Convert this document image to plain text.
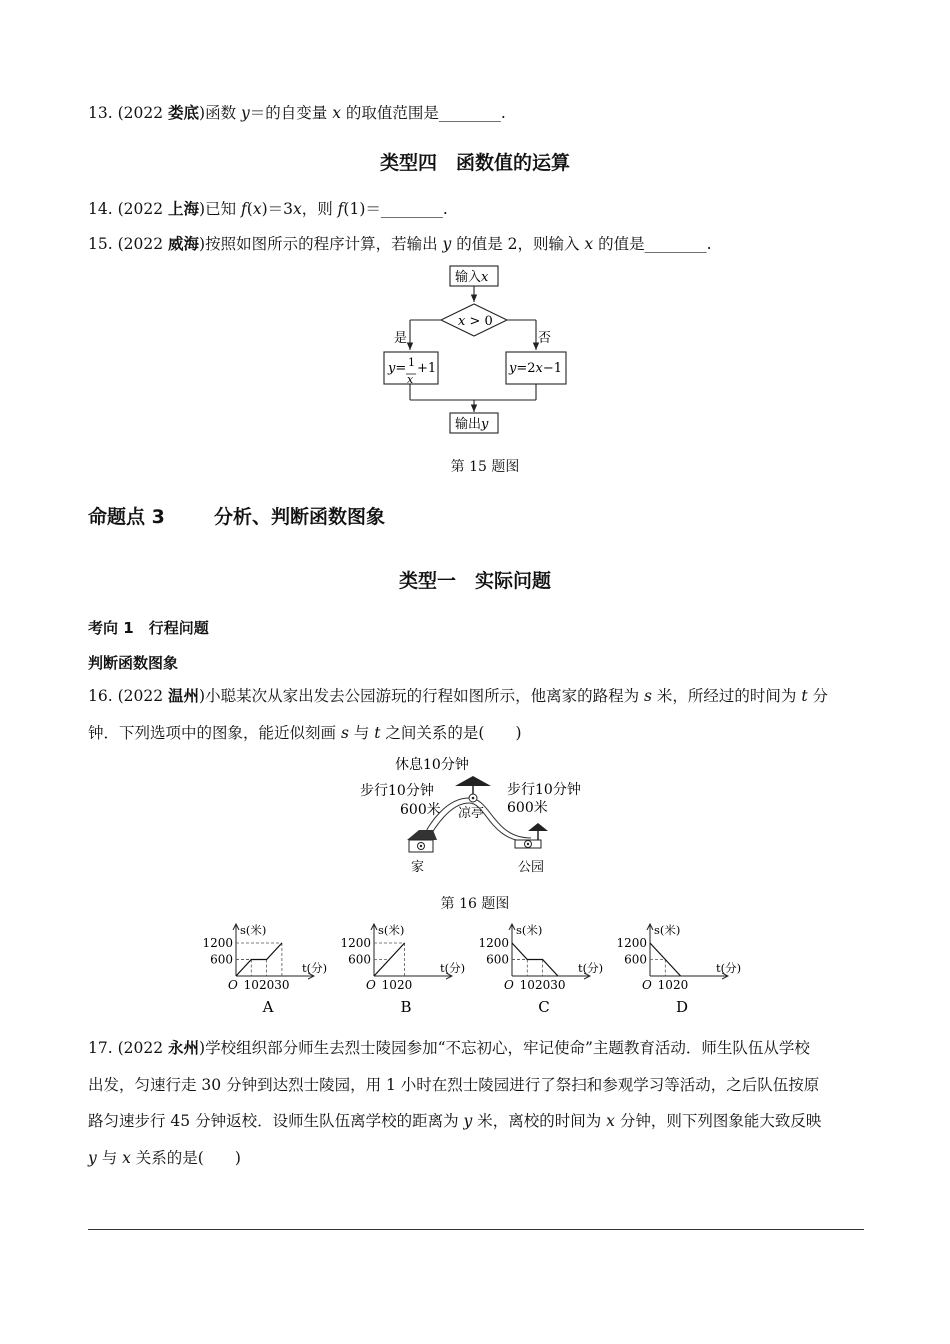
13. (2022 娄底)函数 y＝的自变量 x 的取值范围是________.
类型四　函数值的运算
14. (2022 上海)已知 f(x)＝3x，则 f(1)＝________.
15. (2022 威海)按照如图所示的程序计算，若输出 y 的值是 2，则输入 x 的值是________.
输入x
x > 0
是	否
y= 1
x
+1	y=2x−1
输出y
第 15 题图
命题点 3	分析、判断函数图象
类型一　实际问题
考向 1　 行程问题
判断函数图象
16. (2022 温州)小聪某次从家出发去公园游玩的行程如图所示，他离家的路程为 s 米，所经过的时间为 t 分
钟．下列选项中的图象，能近似刻画 s 与 t 之间关系的是(　　)
休息10分钟
步行10分钟
600米
步行10分钟
600米
凉亭
家	公园
第 16 题图
s(米)
t(分)
1200
600
10 20 30
O
A
s(米)
t(分)
1200
600
10 20
O
B
s(米)
t(分)
1200
600
10 20 30
O
C
s(米)
t(分)
1200
600
10 20
O
D
17. (2022 永州)学校组织部分师生去烈士陵园参加“不忘初心，牢记使命”主题教育活动．师生队伍从学校
出发，匀速行走 30 分钟到达烈士陵园，用 1 小时在烈士陵园进行了祭扫和参观学习等活动，之后队伍按原
路匀速步行 45 分钟返校．设师生队伍离学校的距离为 y 米，离校的时间为 x 分钟，则下列图象能大致反映
y 与 x 关系的是(　　)
